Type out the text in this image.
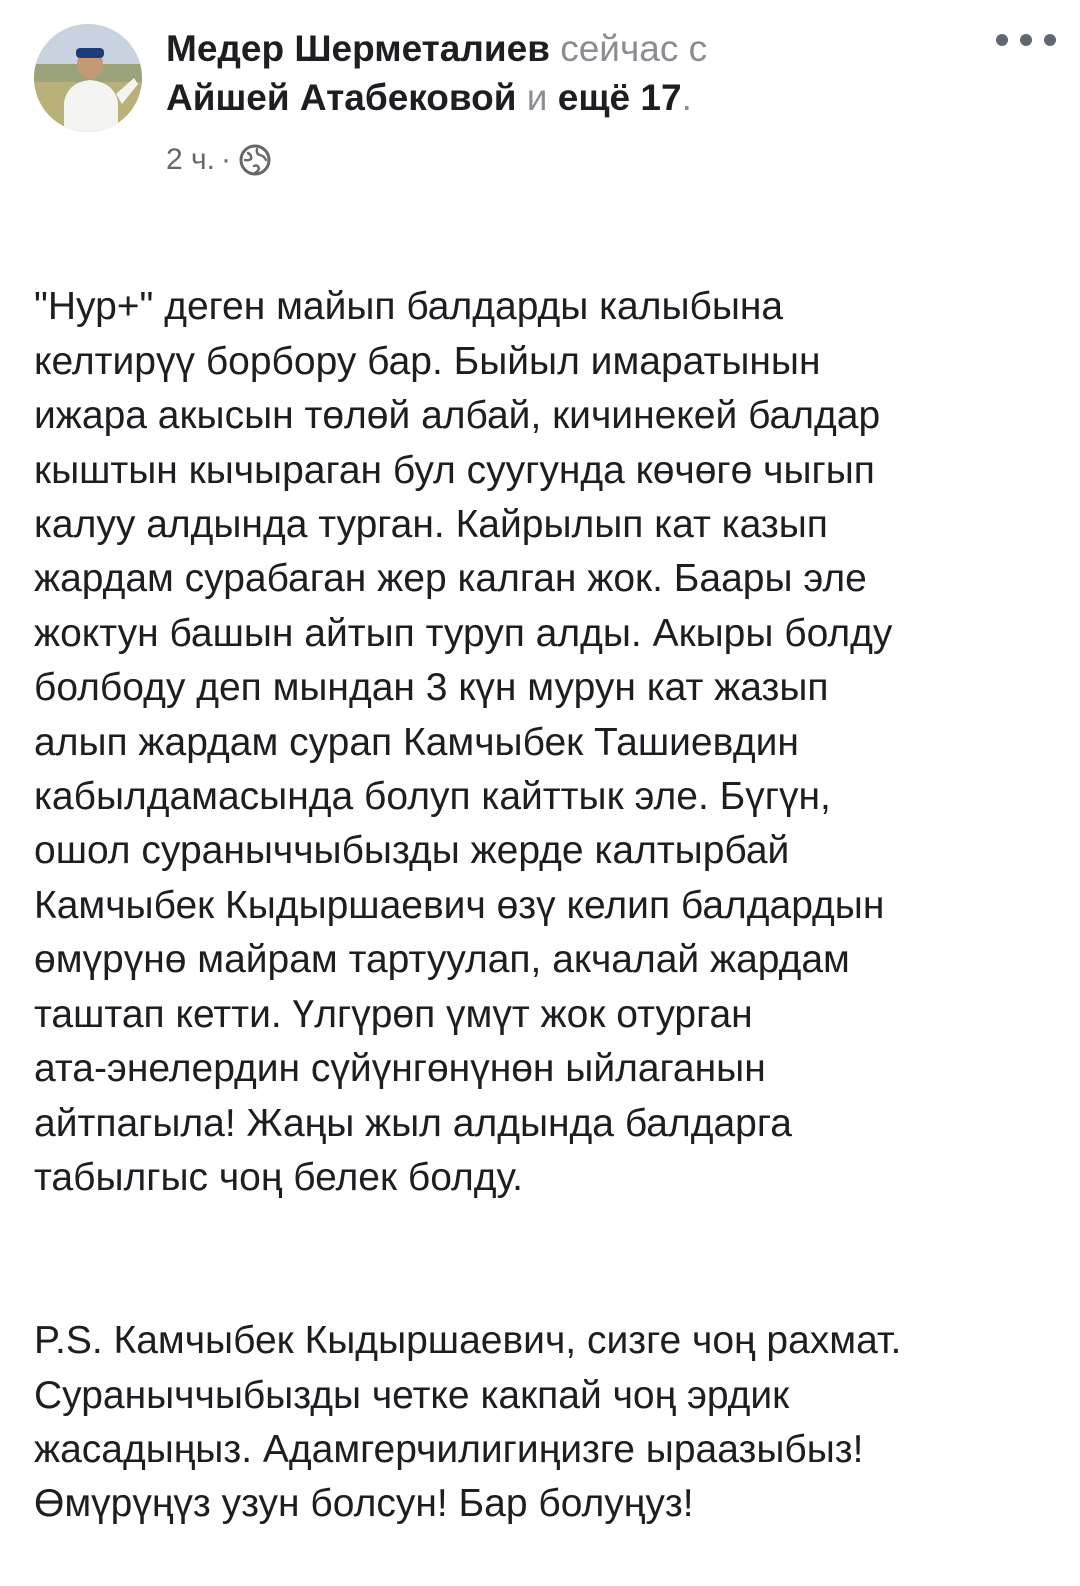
Медер Шерметалиев сейчас с
Айшей Атабековой и ещё 17.
2 ч. ·

"Нур+" деген майып балдарды калыбына
келтирүү борбору бар. Быйыл имаратынын
ижара акысын төлөй албай, кичинекей балдар
кыштын кычыраган бул суугунда көчөгө чыгып
калуу алдында турган. Кайрылып кат казып
жардам сурабаган жер калган жок. Баары эле
жоктун башын айтып туруп алды. Акыры болду
болбоду деп мындан 3 күн мурун кат жазып
алып жардам сурап Камчыбек Ташиевдин
кабылдамасында болуп кайттык эле. Бүгүн,
ошол сураныччыбызды жерде калтырбай
Камчыбек Кыдыршаевич өзү келип балдардын
өмүрүнө майрам тартуулап, акчалай жардам
таштап кетти. Үлгүрөп үмүт жок отурган
ата-энелердин сүйүнгөнүнөн ыйлаганын
айтпагыла! Жаңы жыл алдында балдарга
табылгыс чоң белек болду.

P.S. Камчыбек Кыдыршаевич, сизге чоң рахмат.
Сураныччыбызды четке какпай чоң эрдик
жасадыңыз. Адамгерчилигиңизге ыраазыбыз!
Өмүрүңүз узун болсун! Бар болуңуз!
